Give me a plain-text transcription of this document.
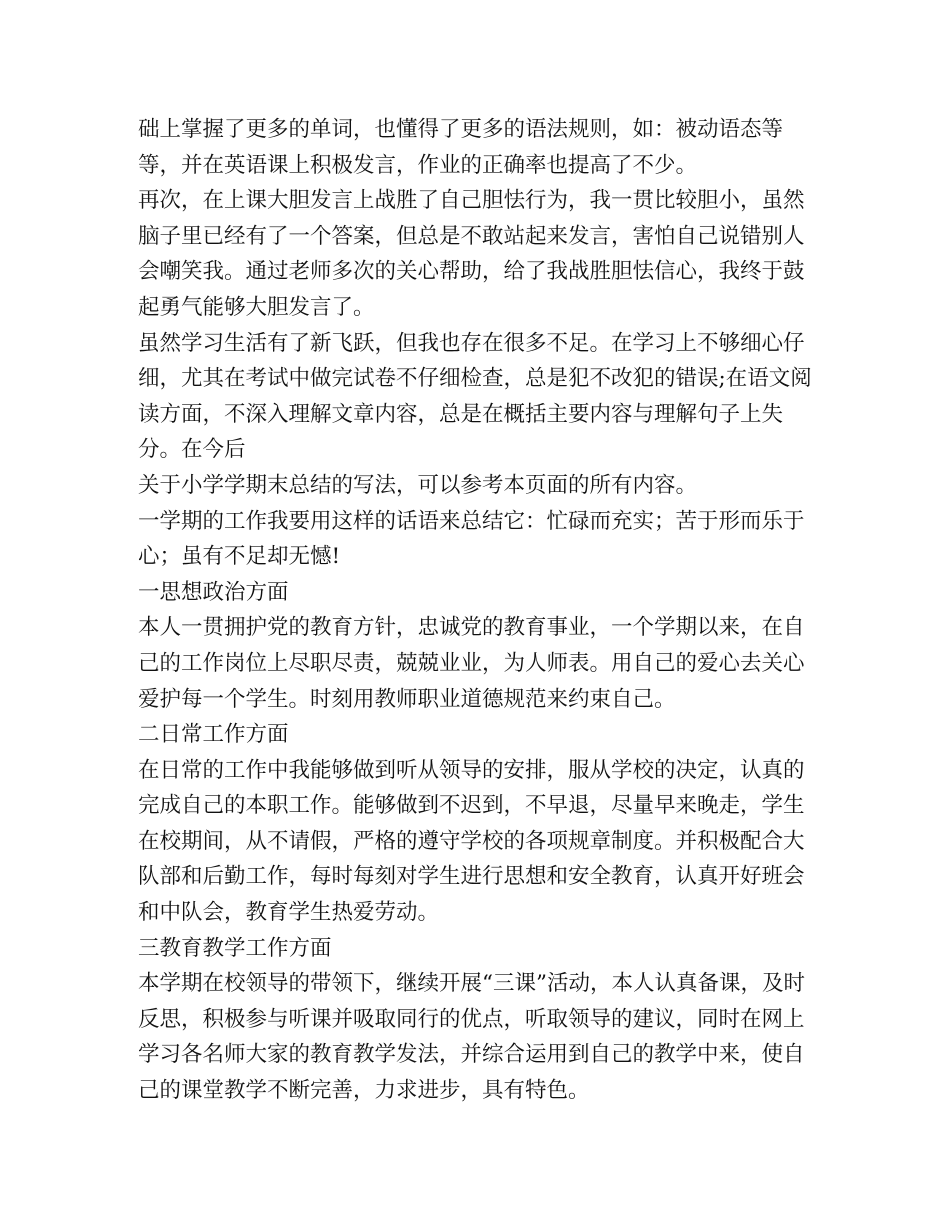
础上掌握了更多的单词，也懂得了更多的语法规则，如：被动语态等等，并在英语课上积极发言，作业的正确率也提高了不少。

再次，在上课大胆发言上战胜了自己胆怯行为，我一贯比较胆小，虽然脑子里已经有了一个答案，但总是不敢站起来发言，害怕自己说错别人会嘲笑我。通过老师多次的关心帮助，给了我战胜胆怯信心，我终于鼓起勇气能够大胆发言了。

虽然学习生活有了新飞跃，但我也存在很多不足。在学习上不够细心仔细，尤其在考试中做完试卷不仔细检查，总是犯不改犯的错误;在语文阅读方面，不深入理解文章内容，总是在概括主要内容与理解句子上失分。在今后

关于小学学期末总结的写法，可以参考本页面的所有内容。

一学期的工作我要用这样的话语来总结它：忙碌而充实；苦于形而乐于心；虽有不足却无憾!

一思想政治方面

本人一贯拥护党的教育方针，忠诚党的教育事业，一个学期以来，在自己的工作岗位上尽职尽责，兢兢业业，为人师表。用自己的爱心去关心爱护每一个学生。时刻用教师职业道德规范来约束自己。

二日常工作方面

在日常的工作中我能够做到听从领导的安排，服从学校的决定，认真的完成自己的本职工作。能够做到不迟到，不早退，尽量早来晚走，学生在校期间，从不请假，严格的遵守学校的各项规章制度。并积极配合大队部和后勤工作，每时每刻对学生进行思想和安全教育，认真开好班会和中队会，教育学生热爱劳动。

三教育教学工作方面

本学期在校领导的带领下，继续开展“三课”活动，本人认真备课，及时反思，积极参与听课并吸取同行的优点，听取领导的建议，同时在网上学习各名师大家的教育教学发法，并综合运用到自己的教学中来，使自己的课堂教学不断完善，力求进步，具有特色。
